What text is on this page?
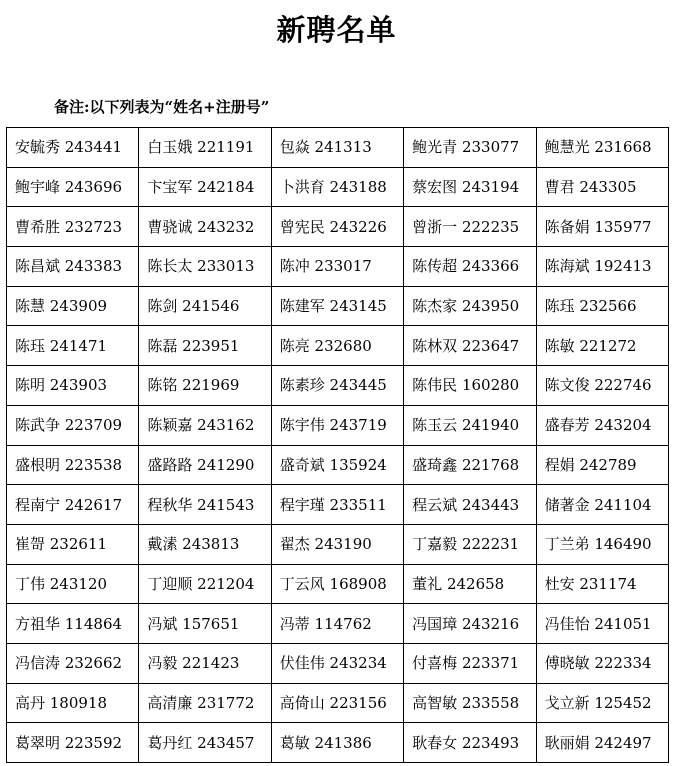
新聘名单
备注:以下列表为“姓名+注册号”
安毓秀 243441	白玉娥 221191	包焱 241313	鲍光青 233077	鲍慧光 231668
鲍宇峰 243696	卞宝军 242184	卜洪育 243188	蔡宏图 243194	曹君 243305
曹希胜 232723	曹骁诚 243232	曾宪民 243226	曾浙一 222235	陈备娟 135977
陈昌斌 243383	陈长太 233013	陈冲 233017	陈传超 243366	陈海斌 192413
陈慧 243909	陈剑 241546	陈建军 243145	陈杰家 243950	陈珏 232566
陈珏 241471	陈磊 223951	陈亮 232680	陈林双 223647	陈敏 221272
陈明 243903	陈铭 221969	陈素珍 243445	陈伟民 160280	陈文俊 222746
陈武争 223709	陈颖嘉 243162	陈宇伟 243719	陈玉云 241940	盛春芳 243204
盛根明 223538	盛路路 241290	盛奇斌 135924	盛琦鑫 221768	程娟 242789
程南宁 242617	程秋华 241543	程宇瑾 233511	程云斌 243443	储著金 241104
崔哿 232611	戴溸 243813	翟杰 243190	丁嘉毅 222231	丁兰弟 146490
丁伟 243120	丁迎顺 221204	丁云风 168908	董礼 242658	杜安 231174
方祖华 114864	冯斌 157651	冯蒂 114762	冯国璋 243216	冯佳怡 241051
冯信涛 232662	冯毅 221423	伏佳伟 243234	付喜梅 223371	傅晓敏 222334
高丹 180918	高清廉 231772	高倚山 223156	高智敏 233558	戈立新 125452
葛翠明 223592	葛丹红 243457	葛敏 241386	耿春女 223493	耿丽娟 242497
